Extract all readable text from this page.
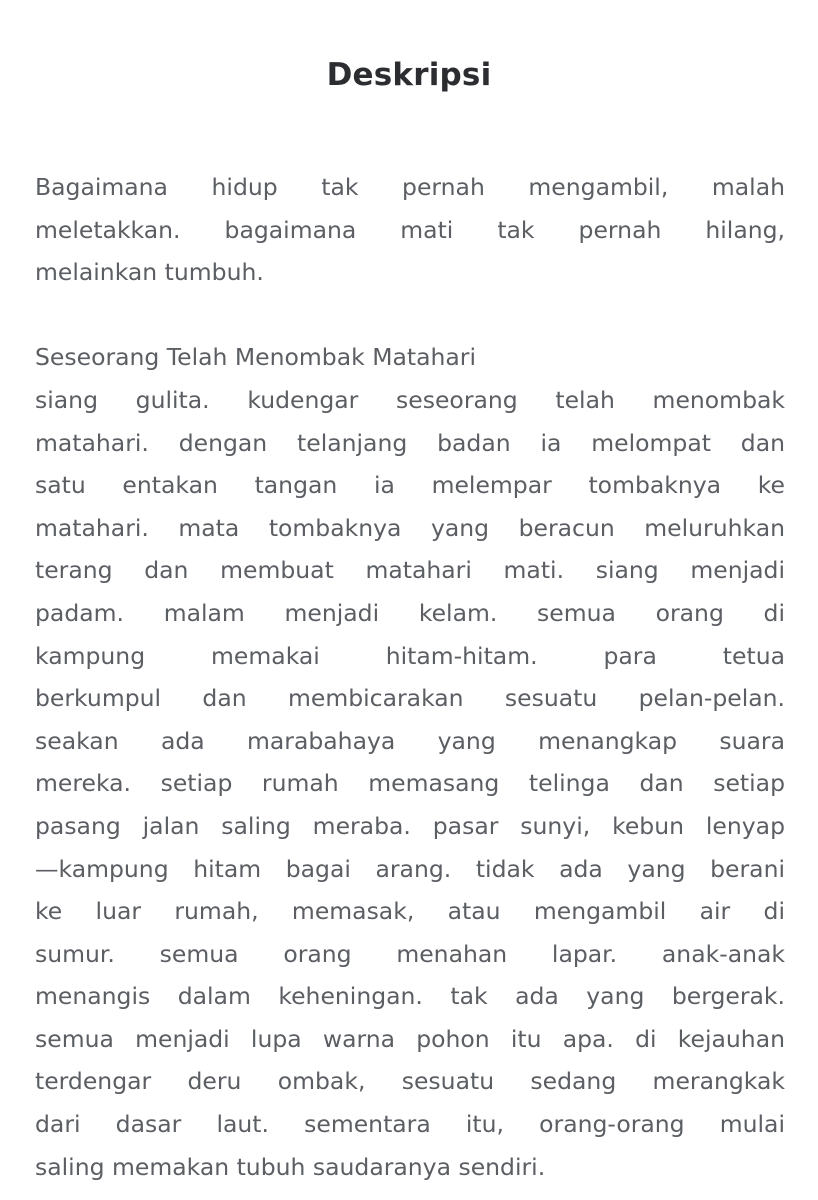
Deskripsi
Bagaimana hidup tak pernah mengambil, malah
meletakkan. bagaimana mati tak pernah hilang,
melainkan tumbuh.
Seseorang Telah Menombak Matahari
siang gulita. kudengar seseorang telah menombak
matahari. dengan telanjang badan ia melompat dan
satu entakan tangan ia melempar tombaknya ke
matahari. mata tombaknya yang beracun meluruhkan
terang dan membuat matahari mati. siang menjadi
padam. malam menjadi kelam. semua orang di
kampung memakai hitam-hitam. para tetua
berkumpul dan membicarakan sesuatu pelan-pelan.
seakan ada marabahaya yang menangkap suara
mereka. setiap rumah memasang telinga dan setiap
pasang jalan saling meraba. pasar sunyi, kebun lenyap
—kampung hitam bagai arang. tidak ada yang berani
ke luar rumah, memasak, atau mengambil air di
sumur. semua orang menahan lapar. anak-anak
menangis dalam keheningan. tak ada yang bergerak.
semua menjadi lupa warna pohon itu apa. di kejauhan
terdengar deru ombak, sesuatu sedang merangkak
dari dasar laut. sementara itu, orang-orang mulai
saling memakan tubuh saudaranya sendiri.
